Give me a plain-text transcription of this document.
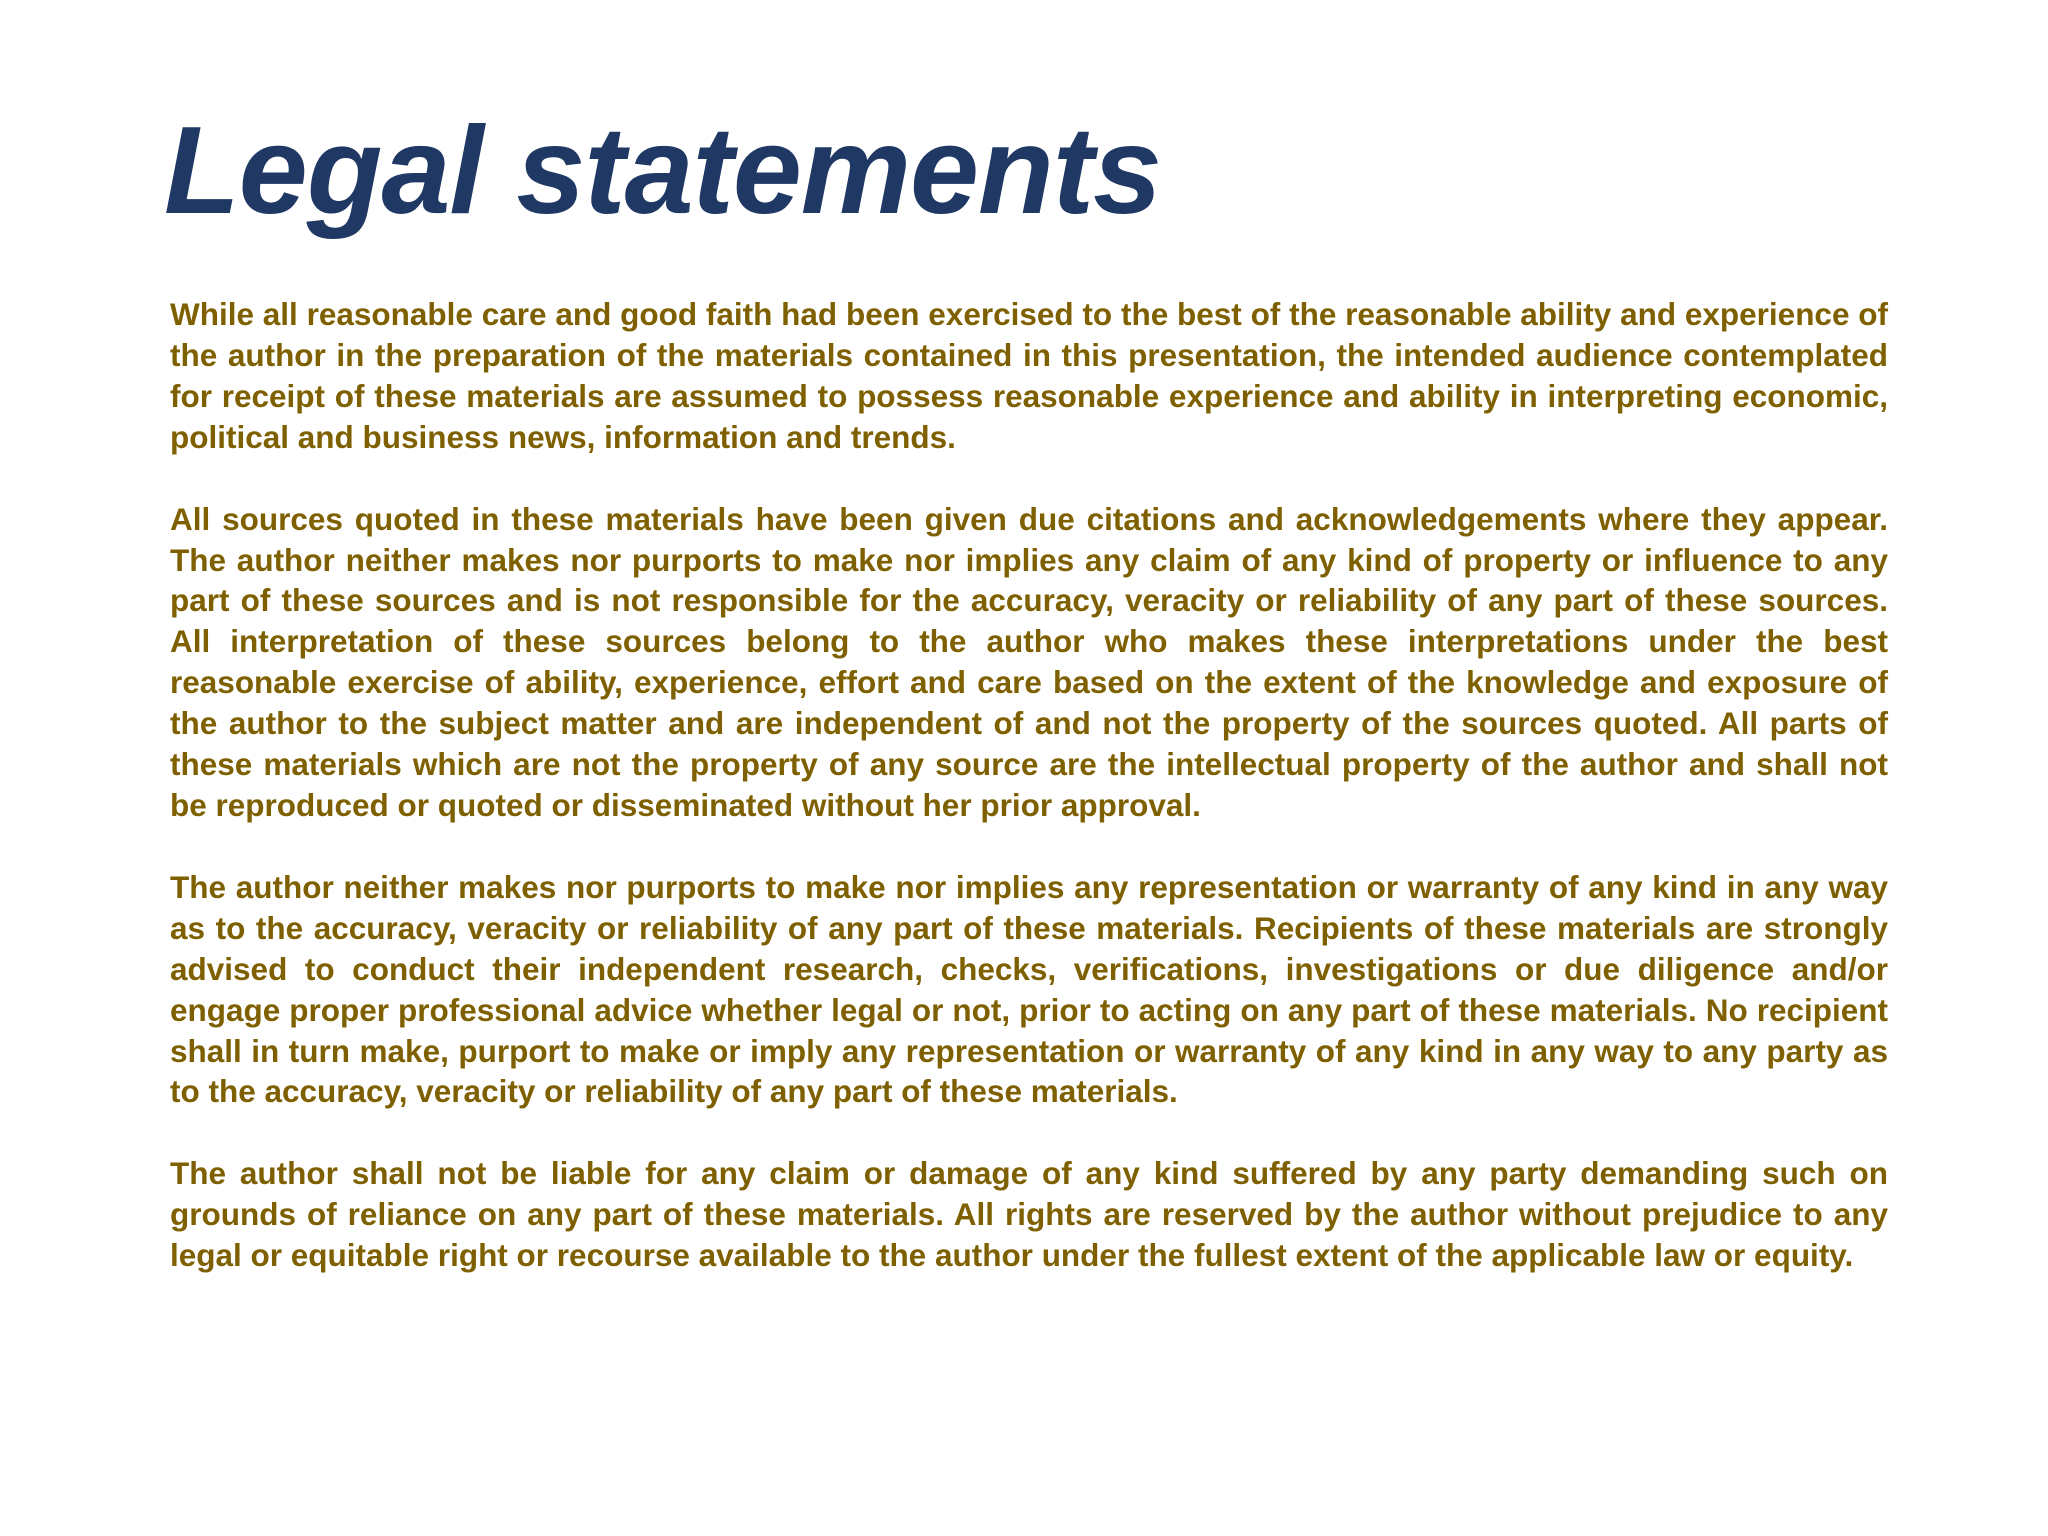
Legal statements

While all reasonable care and good faith had been exercised to the best of the reasonable ability and experience of the author in the preparation of the materials contained in this presentation, the intended audience contemplated for receipt of these materials are assumed to possess reasonable experience and ability in interpreting economic, political and business news, information and trends.

All sources quoted in these materials have been given due citations and acknowledgements where they appear. The author neither makes nor purports to make nor implies any claim of any kind of property or influence to any part of these sources and is not responsible for the accuracy, veracity or reliability of any part of these sources. All interpretation of these sources belong to the author who makes these interpretations under the best reasonable exercise of ability, experience, effort and care based on the extent of the knowledge and exposure of the author to the subject matter and are independent of and not the property of the sources quoted. All parts of these materials which are not the property of any source are the intellectual property of the author and shall not be reproduced or quoted or disseminated without her prior approval.

The author neither makes nor purports to make nor implies any representation or warranty of any kind in any way as to the accuracy, veracity or reliability of any part of these materials. Recipients of these materials are strongly advised to conduct their independent research, checks, verifications, investigations or due diligence and/or engage proper professional advice whether legal or not, prior to acting on any part of these materials. No recipient shall in turn make, purport to make or imply any representation or warranty of any kind in any way to any party as to the accuracy, veracity or reliability of any part of these materials.

The author shall not be liable for any claim or damage of any kind suffered by any party demanding such on grounds of reliance on any part of these materials. All rights are reserved by the author without prejudice to any legal or equitable right or recourse available to the author under the fullest extent of the applicable law or equity.
